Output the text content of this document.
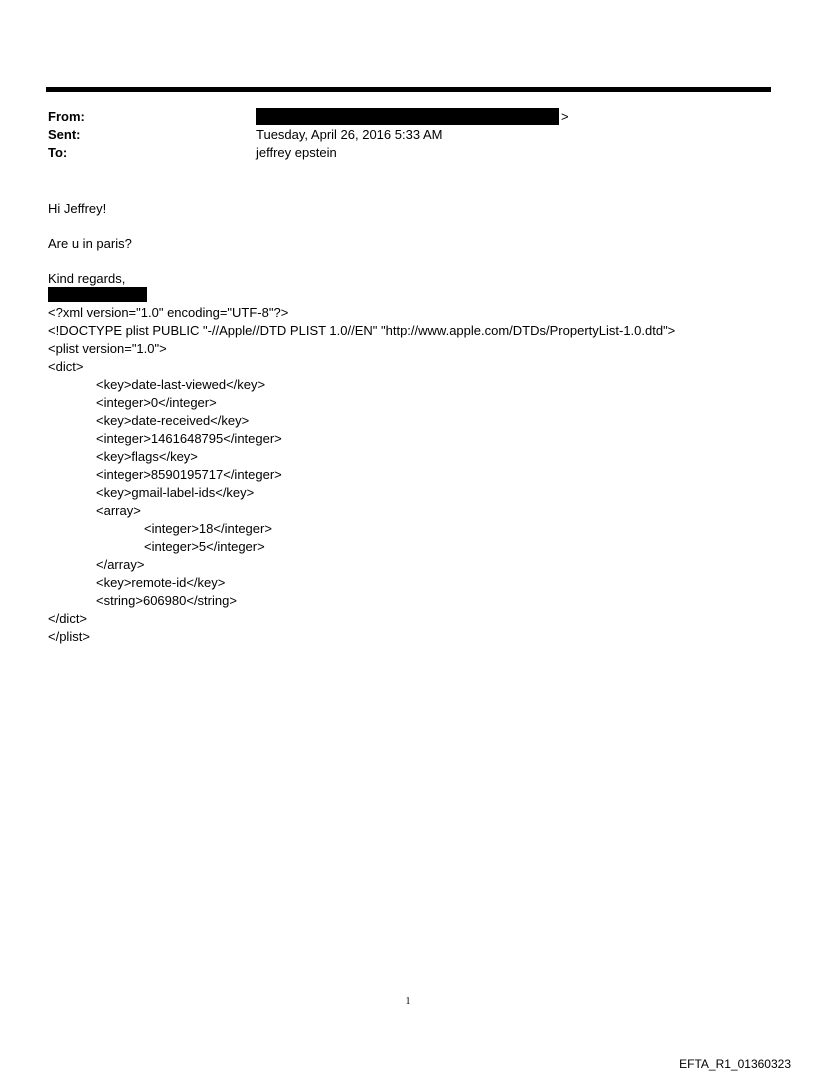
From:	>
Sent:	Tuesday, April 26, 2016 5:33 AM
To:	jeffrey epstein
Hi Jeffrey!
Are u in paris?
Kind regards,
<?xml version="1.0" encoding="UTF-8"?>
<!DOCTYPE plist PUBLIC "-//Apple//DTD PLIST 1.0//EN" "http://www.apple.com/DTDs/PropertyList-1.0.dtd">
<plist version="1.0">
<dict>
<key>date-last-viewed</key>
<integer>0</integer>
<key>date-received</key>
<integer>1461648795</integer>
<key>flags</key>
<integer>8590195717</integer>
<key>gmail-label-ids</key>
<array>
<integer>18</integer>
<integer>5</integer>
</array>
<key>remote-id</key>
<string>606980</string>
</dict>
</plist>
1
EFTA_R1_01360323
